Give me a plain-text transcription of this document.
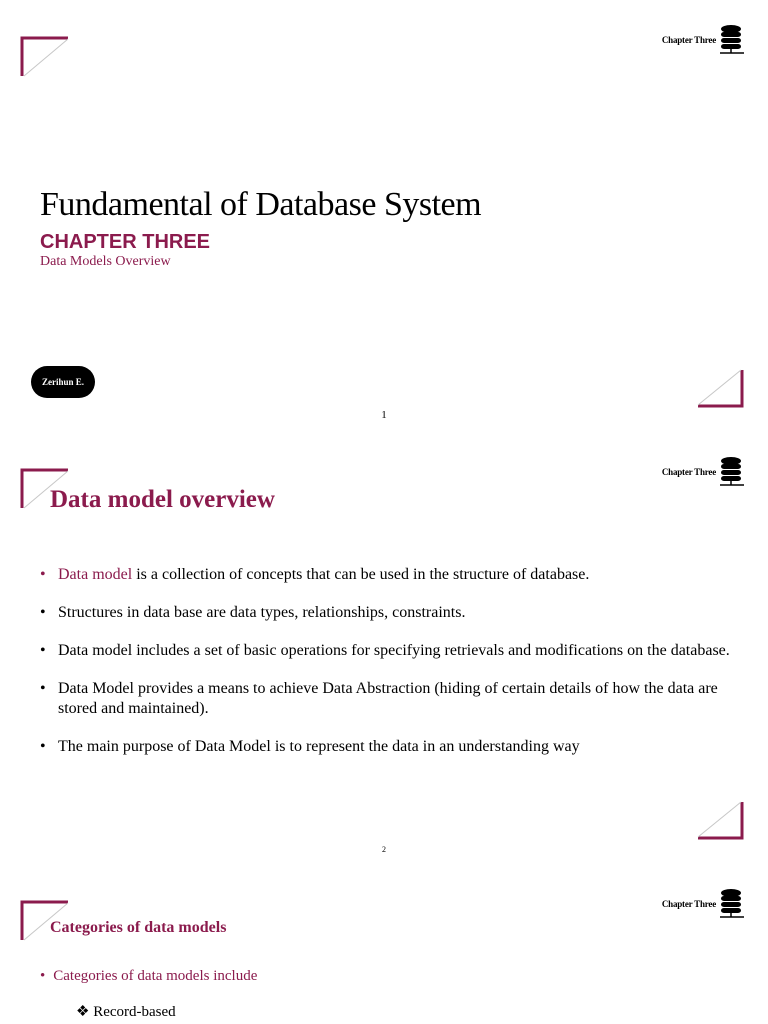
Chapter Three
Fundamental of Database System
CHAPTER THREE
Data Models Overview
Zerihun E.
1
Chapter Three
Data model overview
• Data model is a collection of concepts that can be used in the structure of database.
• Structures in data base are data types, relationships, constraints.
• Data model includes a set of basic operations for specifying retrievals and modifications on the database.
• Data Model provides a means to achieve Data Abstraction (hiding of certain details of how the data are stored and maintained).
• The main purpose of Data Model is to represent the data in an understanding way
2
Chapter Three
Categories of data models
• Categories of data models include
❖ Record-based
